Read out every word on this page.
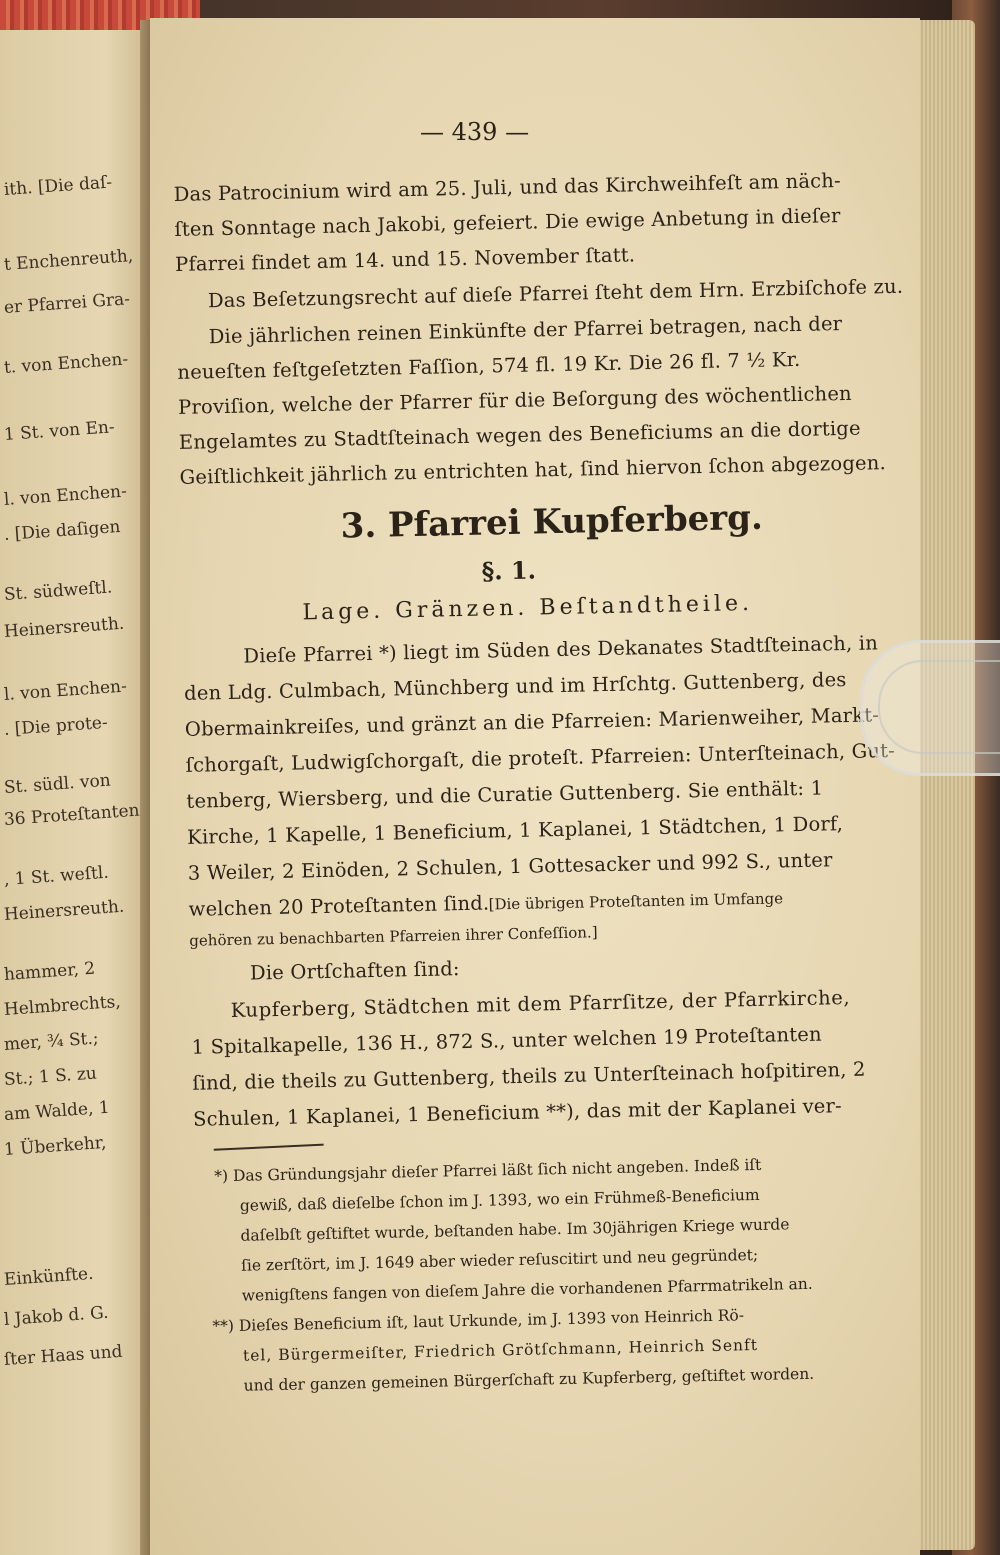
ith. [Die daſ-
t Enchenreuth,
er Pfarrei Gra-
t. von Enchen-
1 St. von En-
l. von Enchen-
. [Die daſigen
St. südweſtl.
Heinersreuth.
l. von Enchen-
. [Die prote-
St. südl. von
36 Proteſtanten
, 1 St. weſtl.
Heinersreuth.
hammer, 2
Helmbrechts,
mer, ¾ St.;
St.; 1 S. zu
am Walde, 1
1 Überkehr,
Einkünfte.
l Jakob d. G.
ſter Haas und
— 439 —
Das Patrocinium wird am 25. Juli, und das Kirchweihfeſt am näch-
ſten Sonntage nach Jakobi, gefeiert. Die ewige Anbetung in dieſer
Pfarrei findet am 14. und 15. November ſtatt.
Das Beſetzungsrecht auf dieſe Pfarrei ſteht dem Hrn. Erzbiſchofe zu.
Die jährlichen reinen Einkünfte der Pfarrei betragen, nach der
neueſten feſtgeſetzten Faſſion, 574 fl. 19 Kr. Die 26 fl. 7 ½ Kr.
Proviſion, welche der Pfarrer für die Beſorgung des wöchentlichen
Engelamtes zu Stadtſteinach wegen des Beneficiums an die dortige
Geiſtlichkeit jährlich zu entrichten hat, ſind hiervon ſchon abgezogen.
3. Pfarrei Kupferberg.
§. 1.
Lage. Gränzen. Beſtandtheile.
Dieſe Pfarrei *) liegt im Süden des Dekanates Stadtſteinach, in
den Ldg. Culmbach, Münchberg und im Hrſchtg. Guttenberg, des
Obermainkreiſes, und gränzt an die Pfarreien: Marienweiher, Markt-
ſchorgaſt, Ludwigſchorgaſt, die proteſt. Pfarreien: Unterſteinach, Gut-
tenberg, Wiersberg, und die Curatie Guttenberg. Sie enthält: 1
Kirche, 1 Kapelle, 1 Beneficium, 1 Kaplanei, 1 Städtchen, 1 Dorf,
3 Weiler, 2 Einöden, 2 Schulen, 1 Gottesacker und 992 S., unter
welchen 20 Proteſtanten ſind.
[Die übrigen Proteſtanten im Umfange
gehören zu benachbarten Pfarreien ihrer Confeſſion.]
Die Ortſchaften ſind:
Kupferberg, Städtchen mit dem Pfarrſitze, der Pfarrkirche,
1 Spitalkapelle, 136 H., 872 S., unter welchen 19 Proteſtanten
ſind, die theils zu Guttenberg, theils zu Unterſteinach hoſpitiren, 2
Schulen, 1 Kaplanei, 1 Beneficium **), das mit der Kaplanei ver-
*) Das Gründungsjahr dieſer Pfarrei läßt ſich nicht angeben. Indeß iſt
gewiß, daß dieſelbe ſchon im J. 1393, wo ein Frühmeß-Beneficium
daſelbſt geſtiftet wurde, beſtanden habe. Im 30jährigen Kriege wurde
ſie zerſtört, im J. 1649 aber wieder reſuscitirt und neu gegründet;
wenigſtens fangen von dieſem Jahre die vorhandenen Pfarrmatrikeln an.
**) Dieſes Beneficium iſt, laut Urkunde, im J. 1393 von Heinrich Rö-
tel, Bürgermeiſter, Friedrich Grötſchmann, Heinrich Senft
und der ganzen gemeinen Bürgerſchaft zu Kupferberg, geſtiftet worden.
